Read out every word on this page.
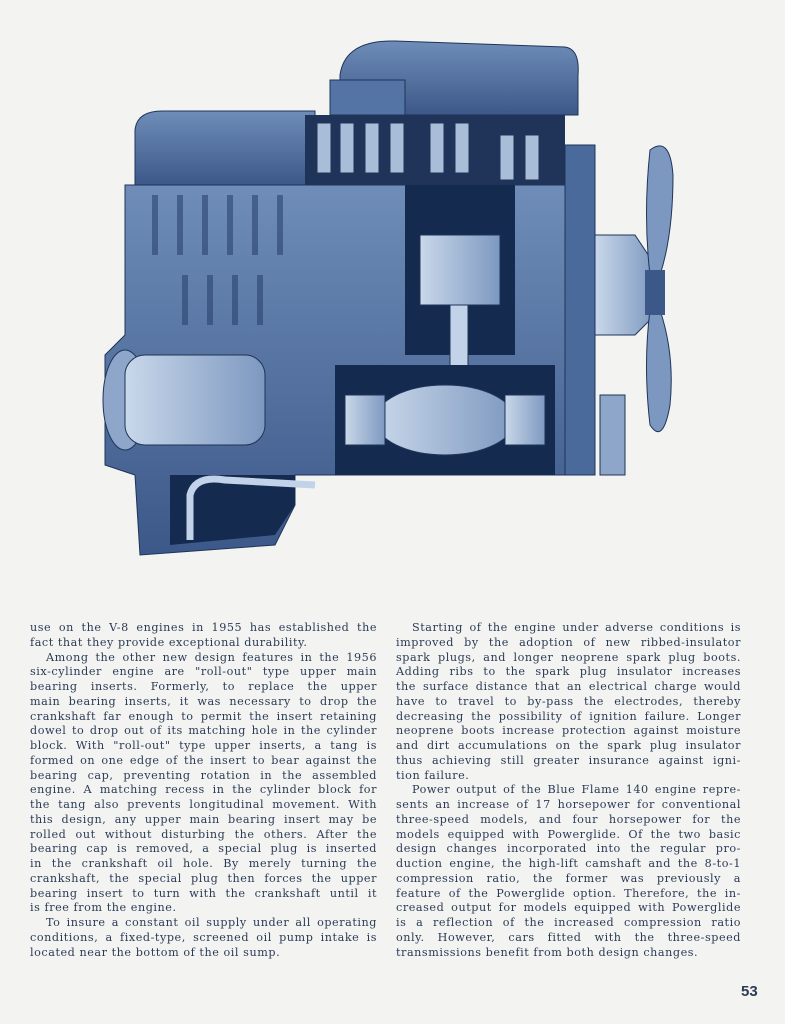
use on the V-8 engines in 1955 has established the
fact that they provide exceptional durability.
Among the other new design features in the 1956
six-cylinder engine are "roll-out" type upper main
bearing inserts. Formerly, to replace the upper
main bearing inserts, it was necessary to drop the
crankshaft far enough to permit the insert retaining
dowel to drop out of its matching hole in the cylinder
block. With "roll-out" type upper inserts, a tang is
formed on one edge of the insert to bear against the
bearing cap, preventing rotation in the assembled
engine. A matching recess in the cylinder block for
the tang also prevents longitudinal movement. With
this design, any upper main bearing insert may be
rolled out without disturbing the others. After the
bearing cap is removed, a special plug is inserted
in the crankshaft oil hole. By merely turning the
crankshaft, the special plug then forces the upper
bearing insert to turn with the crankshaft until it
is free from the engine.
To insure a constant oil supply under all operating
conditions, a fixed-type, screened oil pump intake is
located near the bottom of the oil sump.
Starting of the engine under adverse conditions is
improved by the adoption of new ribbed-insulator
spark plugs, and longer neoprene spark plug boots.
Adding ribs to the spark plug insulator increases
the surface distance that an electrical charge would
have to travel to by-pass the electrodes, thereby
decreasing the possibility of ignition failure. Longer
neoprene boots increase protection against moisture
and dirt accumulations on the spark plug insulator
thus achieving still greater insurance against igni-
tion failure.
Power output of the Blue Flame 140 engine repre-
sents an increase of 17 horsepower for conventional
three-speed models, and four horsepower for the
models equipped with Powerglide. Of the two basic
design changes incorporated into the regular pro-
duction engine, the high-lift camshaft and the 8-to-1
compression ratio, the former was previously a
feature of the Powerglide option. Therefore, the in-
creased output for models equipped with Powerglide
is a reflection of the increased compression ratio
only. However, cars fitted with the three-speed
transmissions benefit from both design changes.
53
